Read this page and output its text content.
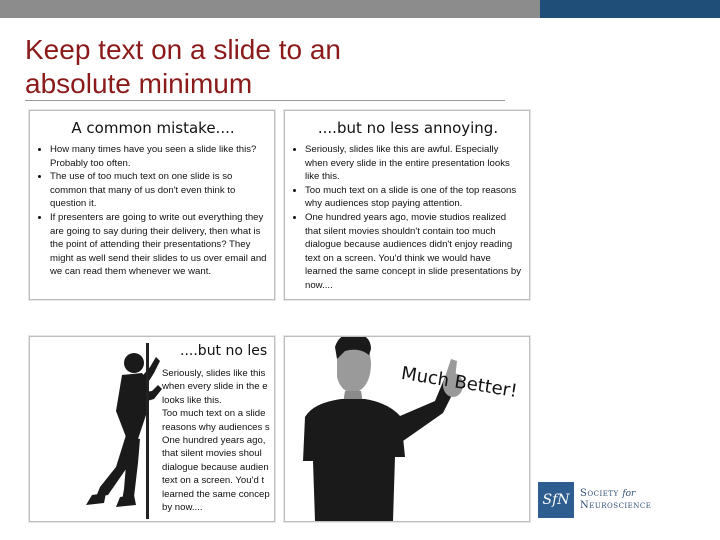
Keep text on a slide to an
absolute minimum
A common mistake....
• How many times have you seen a slide like this? Probably too often.
• The use of too much text on one slide is so common that many of us don't even think to question it.
• If presenters are going to write out everything they are going to say during their delivery, then what is the point of attending their presentations? They might as well send their slides to us over email and we can read them whenever we want.
....but no less annoying.
• Seriously, slides like this are awful. Especially when every slide in the entire presentation looks like this.
• Too much text on a slide is one of the top reasons why audiences stop paying attention.
• One hundred years ago, movie studios realized that silent movies shouldn't contain too much dialogue because audiences didn't enjoy reading text on a screen. You'd think we would have learned the same concept in slide presentations by now....
....but no les
Seriously, slides like this
when every slide in the e
looks like this.
Too much text on a slide
reasons why audiences s
One hundred years ago,
that silent movies shoul
dialogue because audien
text on a screen. You'd t
learned the same concep
by now....
Much Better!
SfN	Society for
Neuroscience
